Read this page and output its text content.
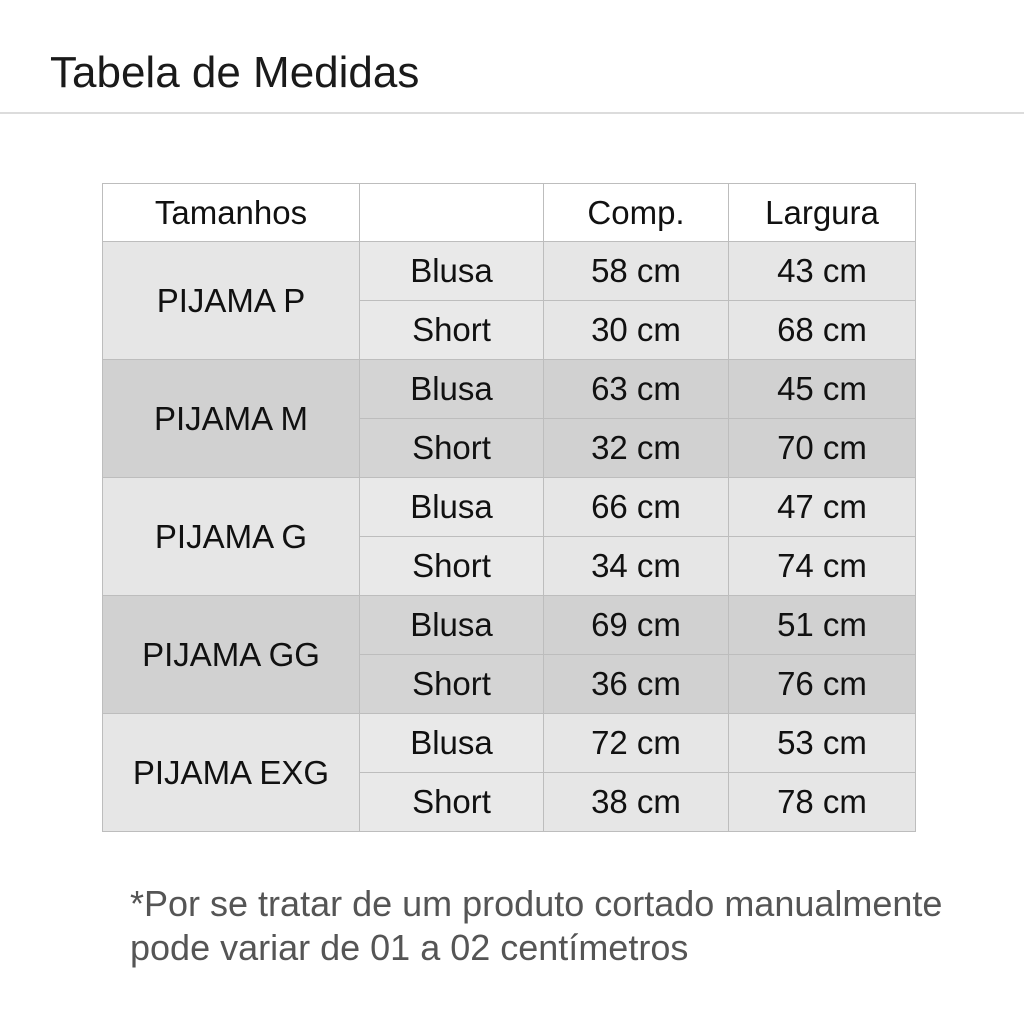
Tabela de Medidas
Tamanhos		Comp.	Largura
PIJAMA P	Blusa	58 cm	43 cm
	Short	30 cm	68 cm
PIJAMA M	Blusa	63 cm	45 cm
	Short	32 cm	70 cm
PIJAMA G	Blusa	66 cm	47 cm
	Short	34 cm	74 cm
PIJAMA GG	Blusa	69 cm	51 cm
	Short	36 cm	76 cm
PIJAMA EXG	Blusa	72 cm	53 cm
	Short	38 cm	78 cm
*Por se tratar de um produto cortado manualmente
pode variar de 01 a 02 centímetros
